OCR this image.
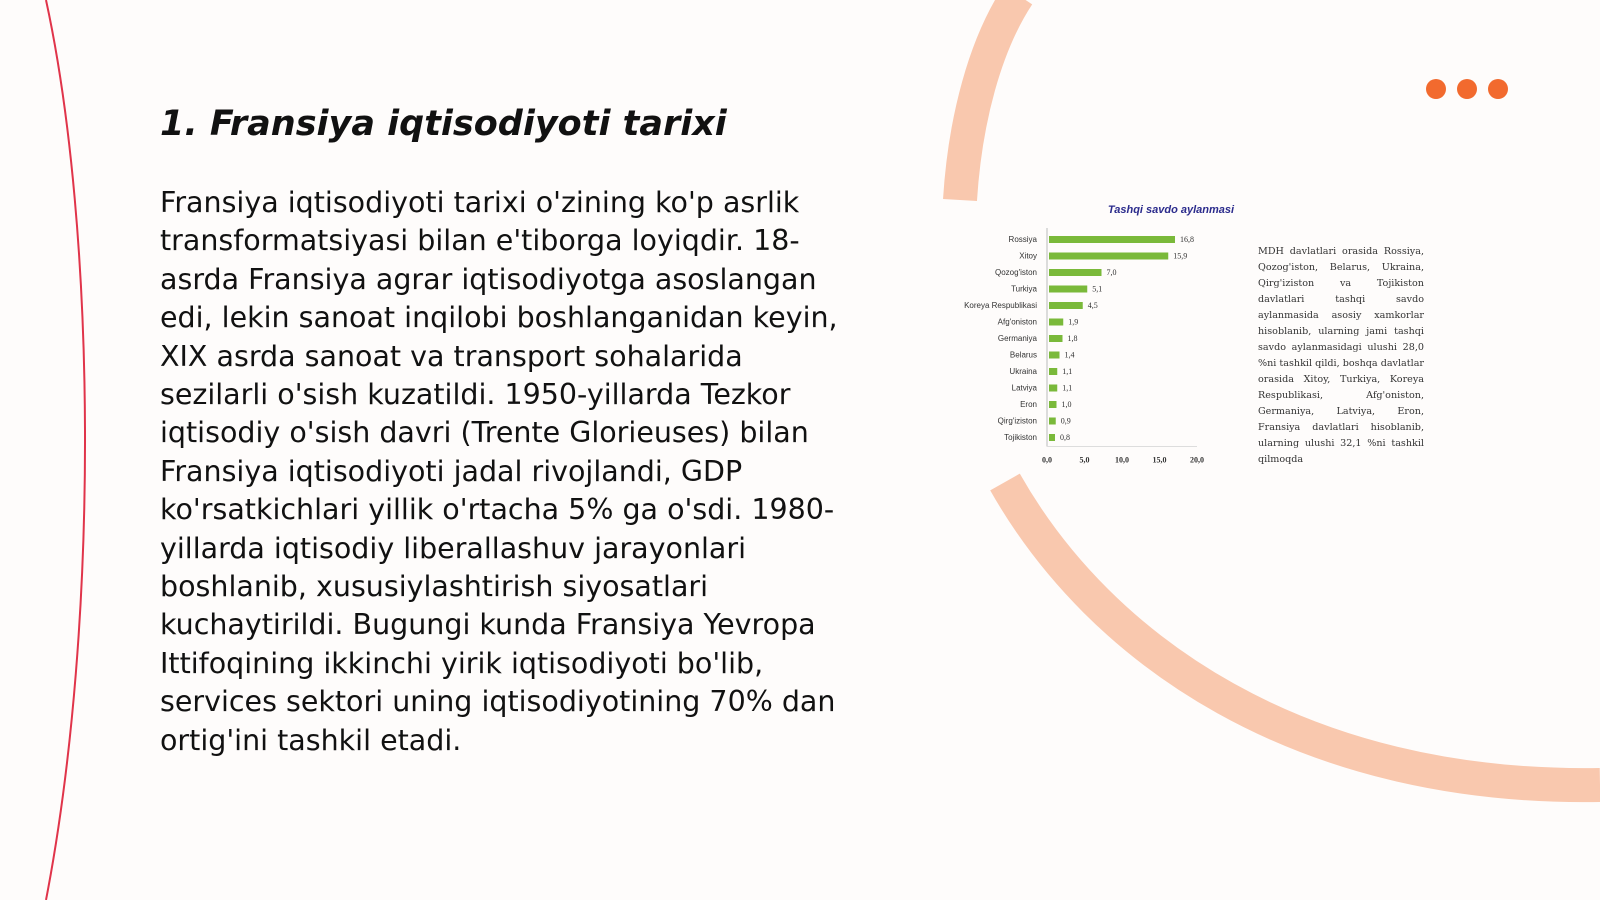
1. Fransiya iqtisodiyoti tarixi

Fransiya iqtisodiyoti tarixi o'zining ko'p asrlik transformatsiyasi bilan e'tiborga loyiqdir. 18-asrda Fransiya agrar iqtisodiyotga asoslangan edi, lekin sanoat inqilobi boshlanganidan keyin, XIX asrda sanoat va transport sohalarida sezilarli o'sish kuzatildi. 1950-yillarda Tezkor iqtisodiy o'sish davri (Trente Glorieuses) bilan Fransiya iqtisodiyoti jadal rivojlandi, GDP ko'rsatkichlari yillik o'rtacha 5% ga o'sdi. 1980-yillarda iqtisodiy liberallashuv jarayonlari boshlanib, xususiylashtirish siyosatlari kuchaytirildi. Bugungi kunda Fransiya Yevropa Ittifoqining ikkinchi yirik iqtisodiyoti bo'lib, services sektori uning iqtisodiyotining 70% dan ortig'ini tashkil etadi.

Tashqi savdo aylanmasi
Rossiya	16,8
Xitoy	15,9
Qozog'iston	7,0
Turkiya	5,1
Koreya Respublikasi	4,5
Afg'oniston	1,9
Germaniya	1,8
Belarus	1,4
Ukraina	1,1
Latviya	1,1
Eron	1,0
Qirg'iziston	0,9
Tojikiston	0,8
0,0	5,0	10,0	15,0	20,0

MDH davlatlari orasida Rossiya, Qozog'iston, Belarus, Ukraina, Qirg'iziston va Tojikiston davlatlari tashqi savdo aylanmasida asosiy xamkorlar hisoblanib, ularning jami tashqi savdo aylanmasidagi ulushi 28,0 %ni tashkil qildi, boshqa davlatlar orasida Xitoy, Turkiya, Koreya Respublikasi, Afg'oniston, Germaniya, Latviya, Eron, Fransiya davlatlari hisoblanib, ularning ulushi 32,1 %ni tashkil qilmoqda
